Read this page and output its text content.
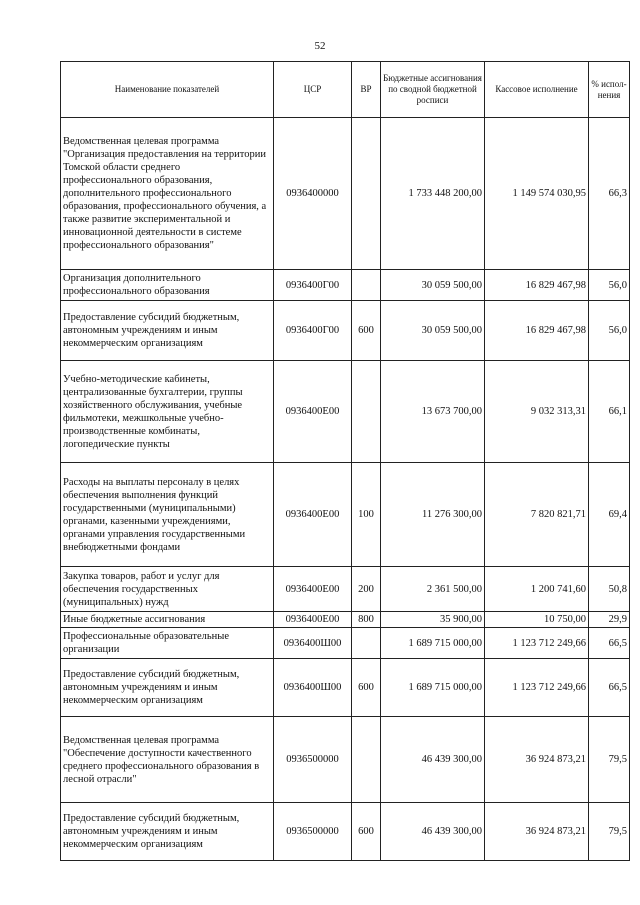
52
Наименование показателей	ЦСР	ВР	Бюджетные ассигнования по сводной бюджетной росписи	Кассовое исполнение	% испол-нения
Ведомственная целевая программа "Организация предоставления на территории Томской области среднего профессионального образования, дополнительного профессионального образования, профессионального обучения, а также развитие экспериментальной и инновационной деятельности в системе профессионального образования"	0936400000		1 733 448 200,00	1 149 574 030,95	66,3
Организация дополнительного профессионального образования	0936400Г00		30 059 500,00	16 829 467,98	56,0
Предоставление субсидий бюджетным, автономным учреждениям и иным некоммерческим организациям	0936400Г00	600	30 059 500,00	16 829 467,98	56,0
Учебно-методические кабинеты, централизованные бухгалтерии, группы хозяйственного обслуживания, учебные фильмотеки, межшкольные учебно-производственные комбинаты, логопедические пункты	0936400Е00		13 673 700,00	9 032 313,31	66,1
Расходы на выплаты персоналу в целях обеспечения выполнения функций государственными (муниципальными) органами, казенными учреждениями, органами управления государственными внебюджетными фондами	0936400Е00	100	11 276 300,00	7 820 821,71	69,4
Закупка товаров, работ и услуг для обеспечения государственных (муниципальных) нужд	0936400Е00	200	2 361 500,00	1 200 741,60	50,8
Иные бюджетные ассигнования	0936400Е00	800	35 900,00	10 750,00	29,9
Профессиональные образовательные организации	0936400Ш00		1 689 715 000,00	1 123 712 249,66	66,5
Предоставление субсидий бюджетным, автономным учреждениям и иным некоммерческим организациям	0936400Ш00	600	1 689 715 000,00	1 123 712 249,66	66,5
Ведомственная целевая программа "Обеспечение доступности качественного среднего профессионального образования в лесной отрасли"	0936500000		46 439 300,00	36 924 873,21	79,5
Предоставление субсидий бюджетным, автономным учреждениям и иным некоммерческим организациям	0936500000	600	46 439 300,00	36 924 873,21	79,5
